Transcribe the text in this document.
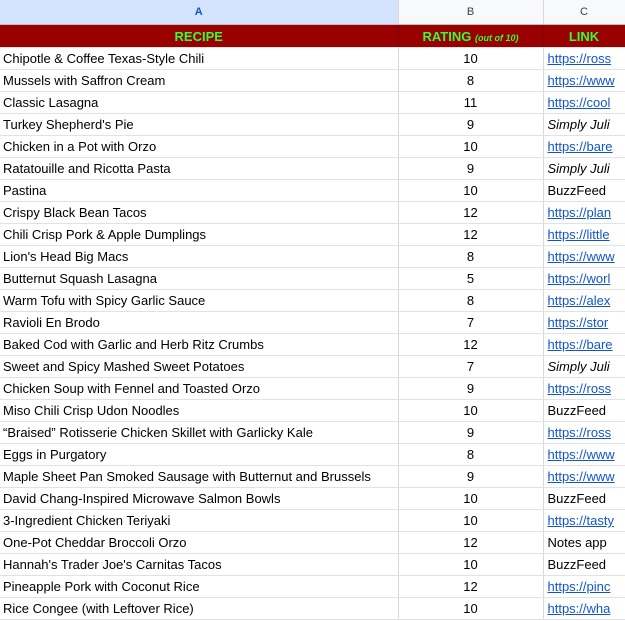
A	B	C
RECIPE	RATING (out of 10)	LINK
Chipotle & Coffee Texas-Style Chili	10	https://ross
Mussels with Saffron Cream	8	https://www
Classic Lasagna	11	https://cool
Turkey Shepherd's Pie	9	Simply Juli
Chicken in a Pot with Orzo	10	https://bare
Ratatouille and Ricotta Pasta	9	Simply Juli
Pastina	10	BuzzFeed
Crispy Black Bean Tacos	12	https://plan
Chili Crisp Pork & Apple Dumplings	12	https://little
Lion's Head Big Macs	8	https://www
Butternut Squash Lasagna	5	https://worl
Warm Tofu with Spicy Garlic Sauce	8	https://alex
Ravioli En Brodo	7	https://stor
Baked Cod with Garlic and Herb Ritz Crumbs	12	https://bare
Sweet and Spicy Mashed Sweet Potatoes	7	Simply Juli
Chicken Soup with Fennel and Toasted Orzo	9	https://ross
Miso Chili Crisp Udon Noodles	10	BuzzFeed
“Braised” Rotisserie Chicken Skillet with Garlicky Kale	9	https://ross
Eggs in Purgatory	8	https://www
Maple Sheet Pan Smoked Sausage with Butternut and Brussels	9	https://www
David Chang-Inspired Microwave Salmon Bowls	10	BuzzFeed
3-Ingredient Chicken Teriyaki	10	https://tasty
One-Pot Cheddar Broccoli Orzo	12	Notes app
Hannah's Trader Joe's Carnitas Tacos	10	BuzzFeed
Pineapple Pork with Coconut Rice	12	https://pinc
Rice Congee (with Leftover Rice)	10	https://wha
